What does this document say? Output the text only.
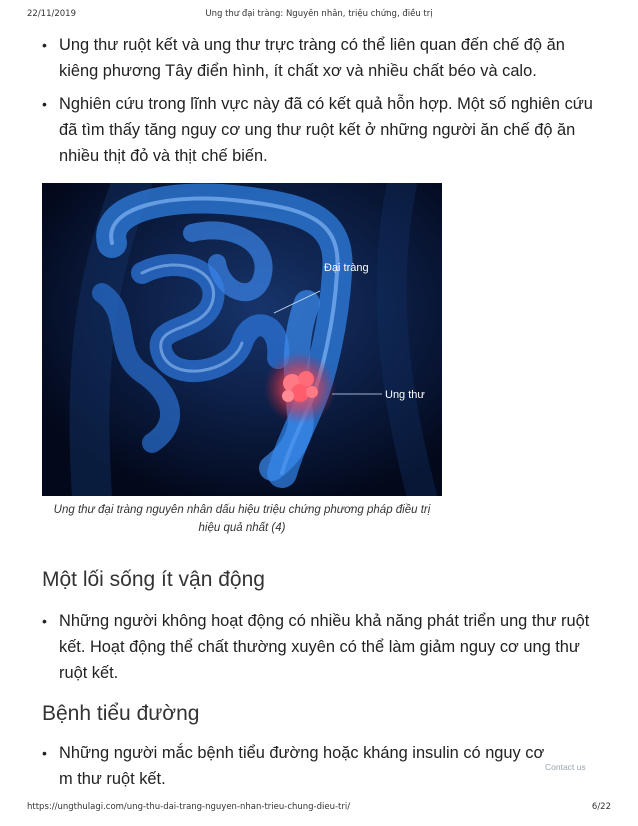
22/11/2019	Ung thư đại tràng: Nguyên nhân, triệu chứng, điều trị
• Ung thư ruột kết và ung thư trực tràng có thể liên quan đến chế độ ăn kiêng phương Tây điển hình, ít chất xơ và nhiều chất béo và calo.
• Nghiên cứu trong lĩnh vực này đã có kết quả hỗn hợp. Một số nghiên cứu đã tìm thấy tăng nguy cơ ung thư ruột kết ở những người ăn chế độ ăn nhiều thịt đỏ và thịt chế biến.
Đại tràng
Ung thư
Ung thư đại tràng nguyên nhân dấu hiệu triệu chứng phương pháp điều trị hiệu quả nhất (4)
Một lối sống ít vận động
• Những người không hoạt động có nhiều khả năng phát triển ung thư ruột kết. Hoạt động thể chất thường xuyên có thể làm giảm nguy cơ ung thư ruột kết.
Bệnh tiểu đường
• Những người mắc bệnh tiểu đường hoặc kháng insulin có nguy cơ m thư ruột kết.
Contact us
https://ungthulagi.com/ung-thu-dai-trang-nguyen-nhan-trieu-chung-dieu-tri/	6/22
